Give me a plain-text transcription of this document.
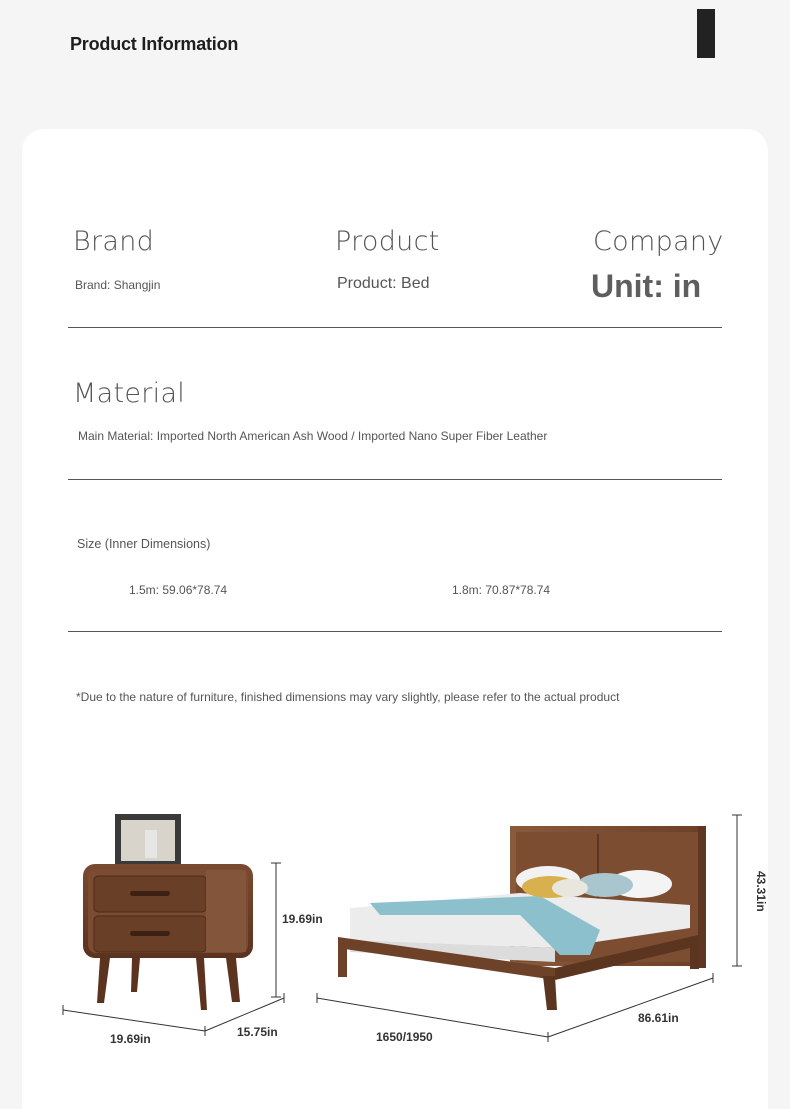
Product Information
Brand
Brand: Shangjin
Product
Product: Bed
Company
Unit: in
Material
Main Material: Imported North American Ash Wood / Imported Nano Super Fiber Leather
Size (Inner Dimensions)
1.5m: 59.06*78.74	1.8m: 70.87*78.74
*Due to the nature of furniture, finished dimensions may vary slightly, please refer to the actual product
19.69in
19.69in	15.75in	1650/1950
86.61in
43.31in
